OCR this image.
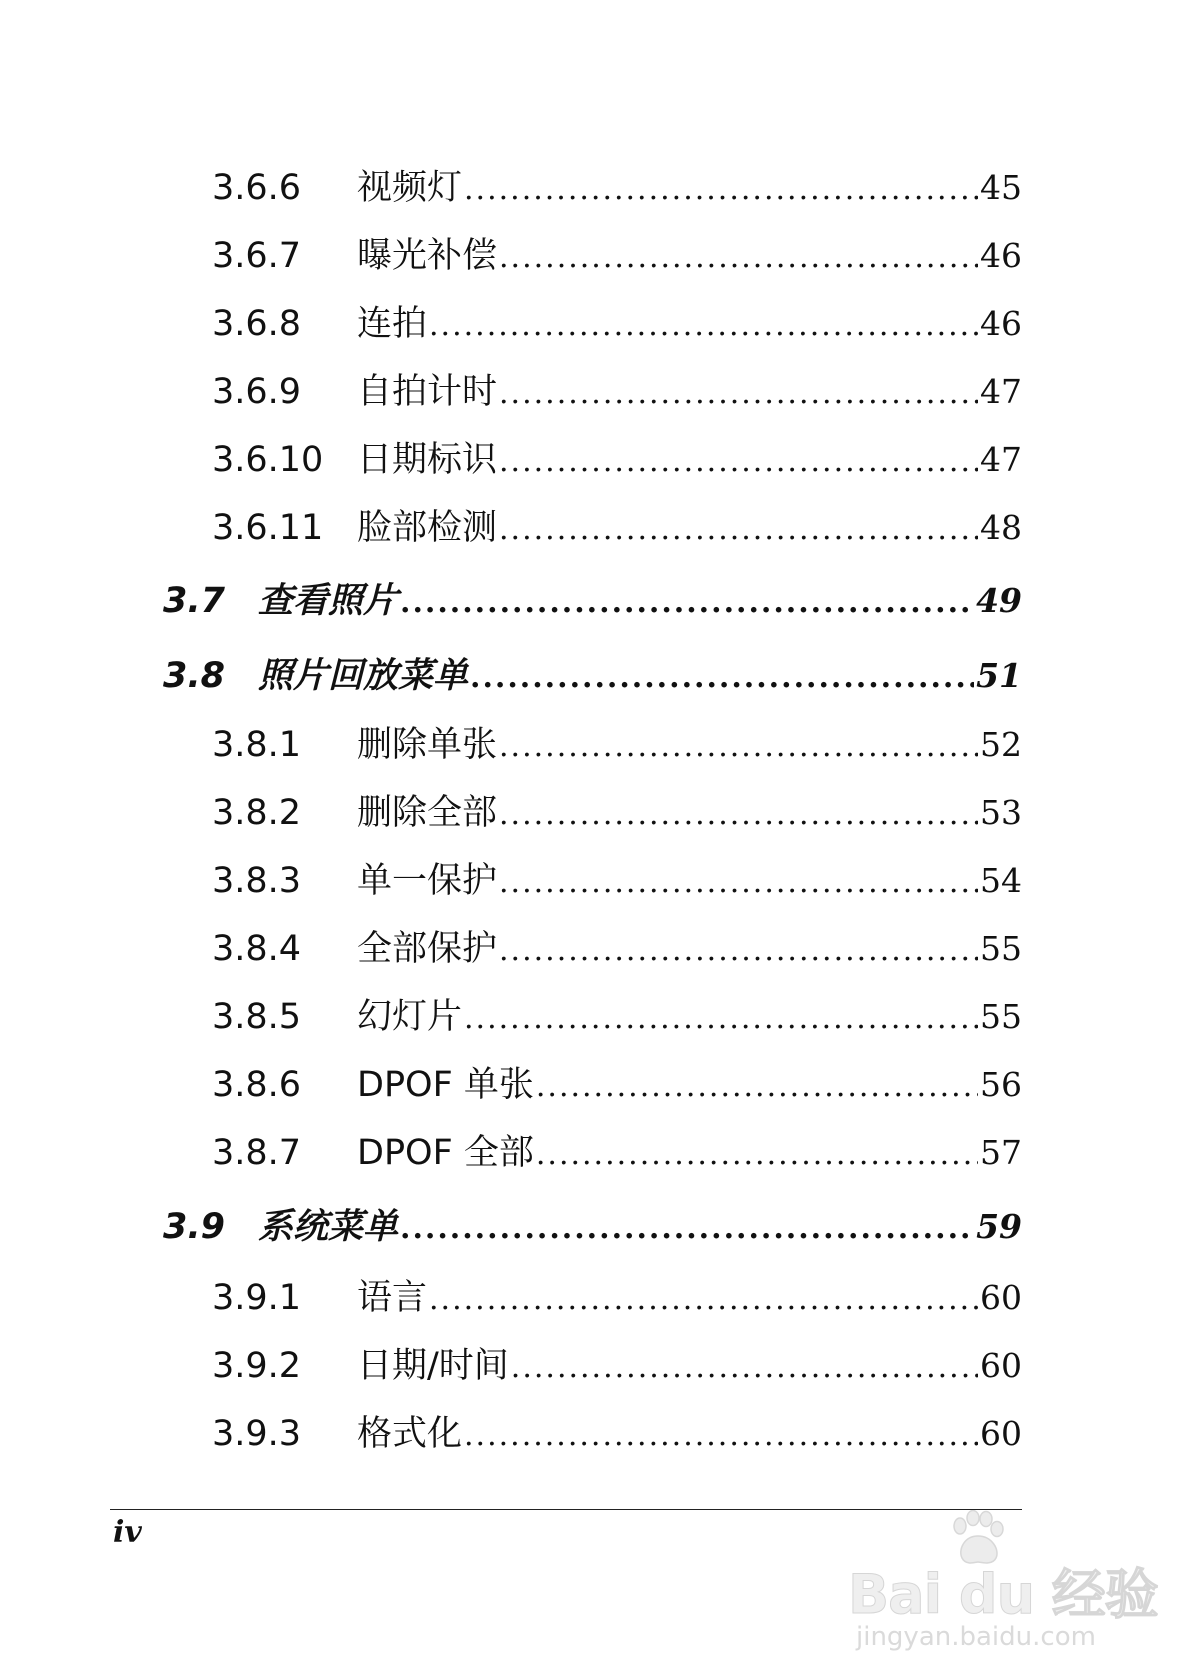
3.6.6	视频灯 .....	45
3.6.7	曝光补偿 .....	46
3.6.8	连拍 .....	46
3.6.9	自拍计时 .....	47
3.6.10 日期标识 .....	47
3.6.11 脸部检测 .....	48
3.7 查看照片 .....	49
3.8 照片回放菜单 .....	51
3.8.1	删除单张 .....	52
3.8.2	删除全部 .....	53
3.8.3	单一保护 .....	54
3.8.4	全部保护 .....	55
3.8.5	幻灯片 .....	55
3.8.6	DPOF 单张 .....	56
3.8.7	DPOF 全部 .....	57
3.9 系统菜单 .....	59
3.9.1	语言 .....	60
3.9.2	日期/时间 .....	60
3.9.3	格式化 .....	60
iv
Bai du 经验
jingyan.baidu.com
